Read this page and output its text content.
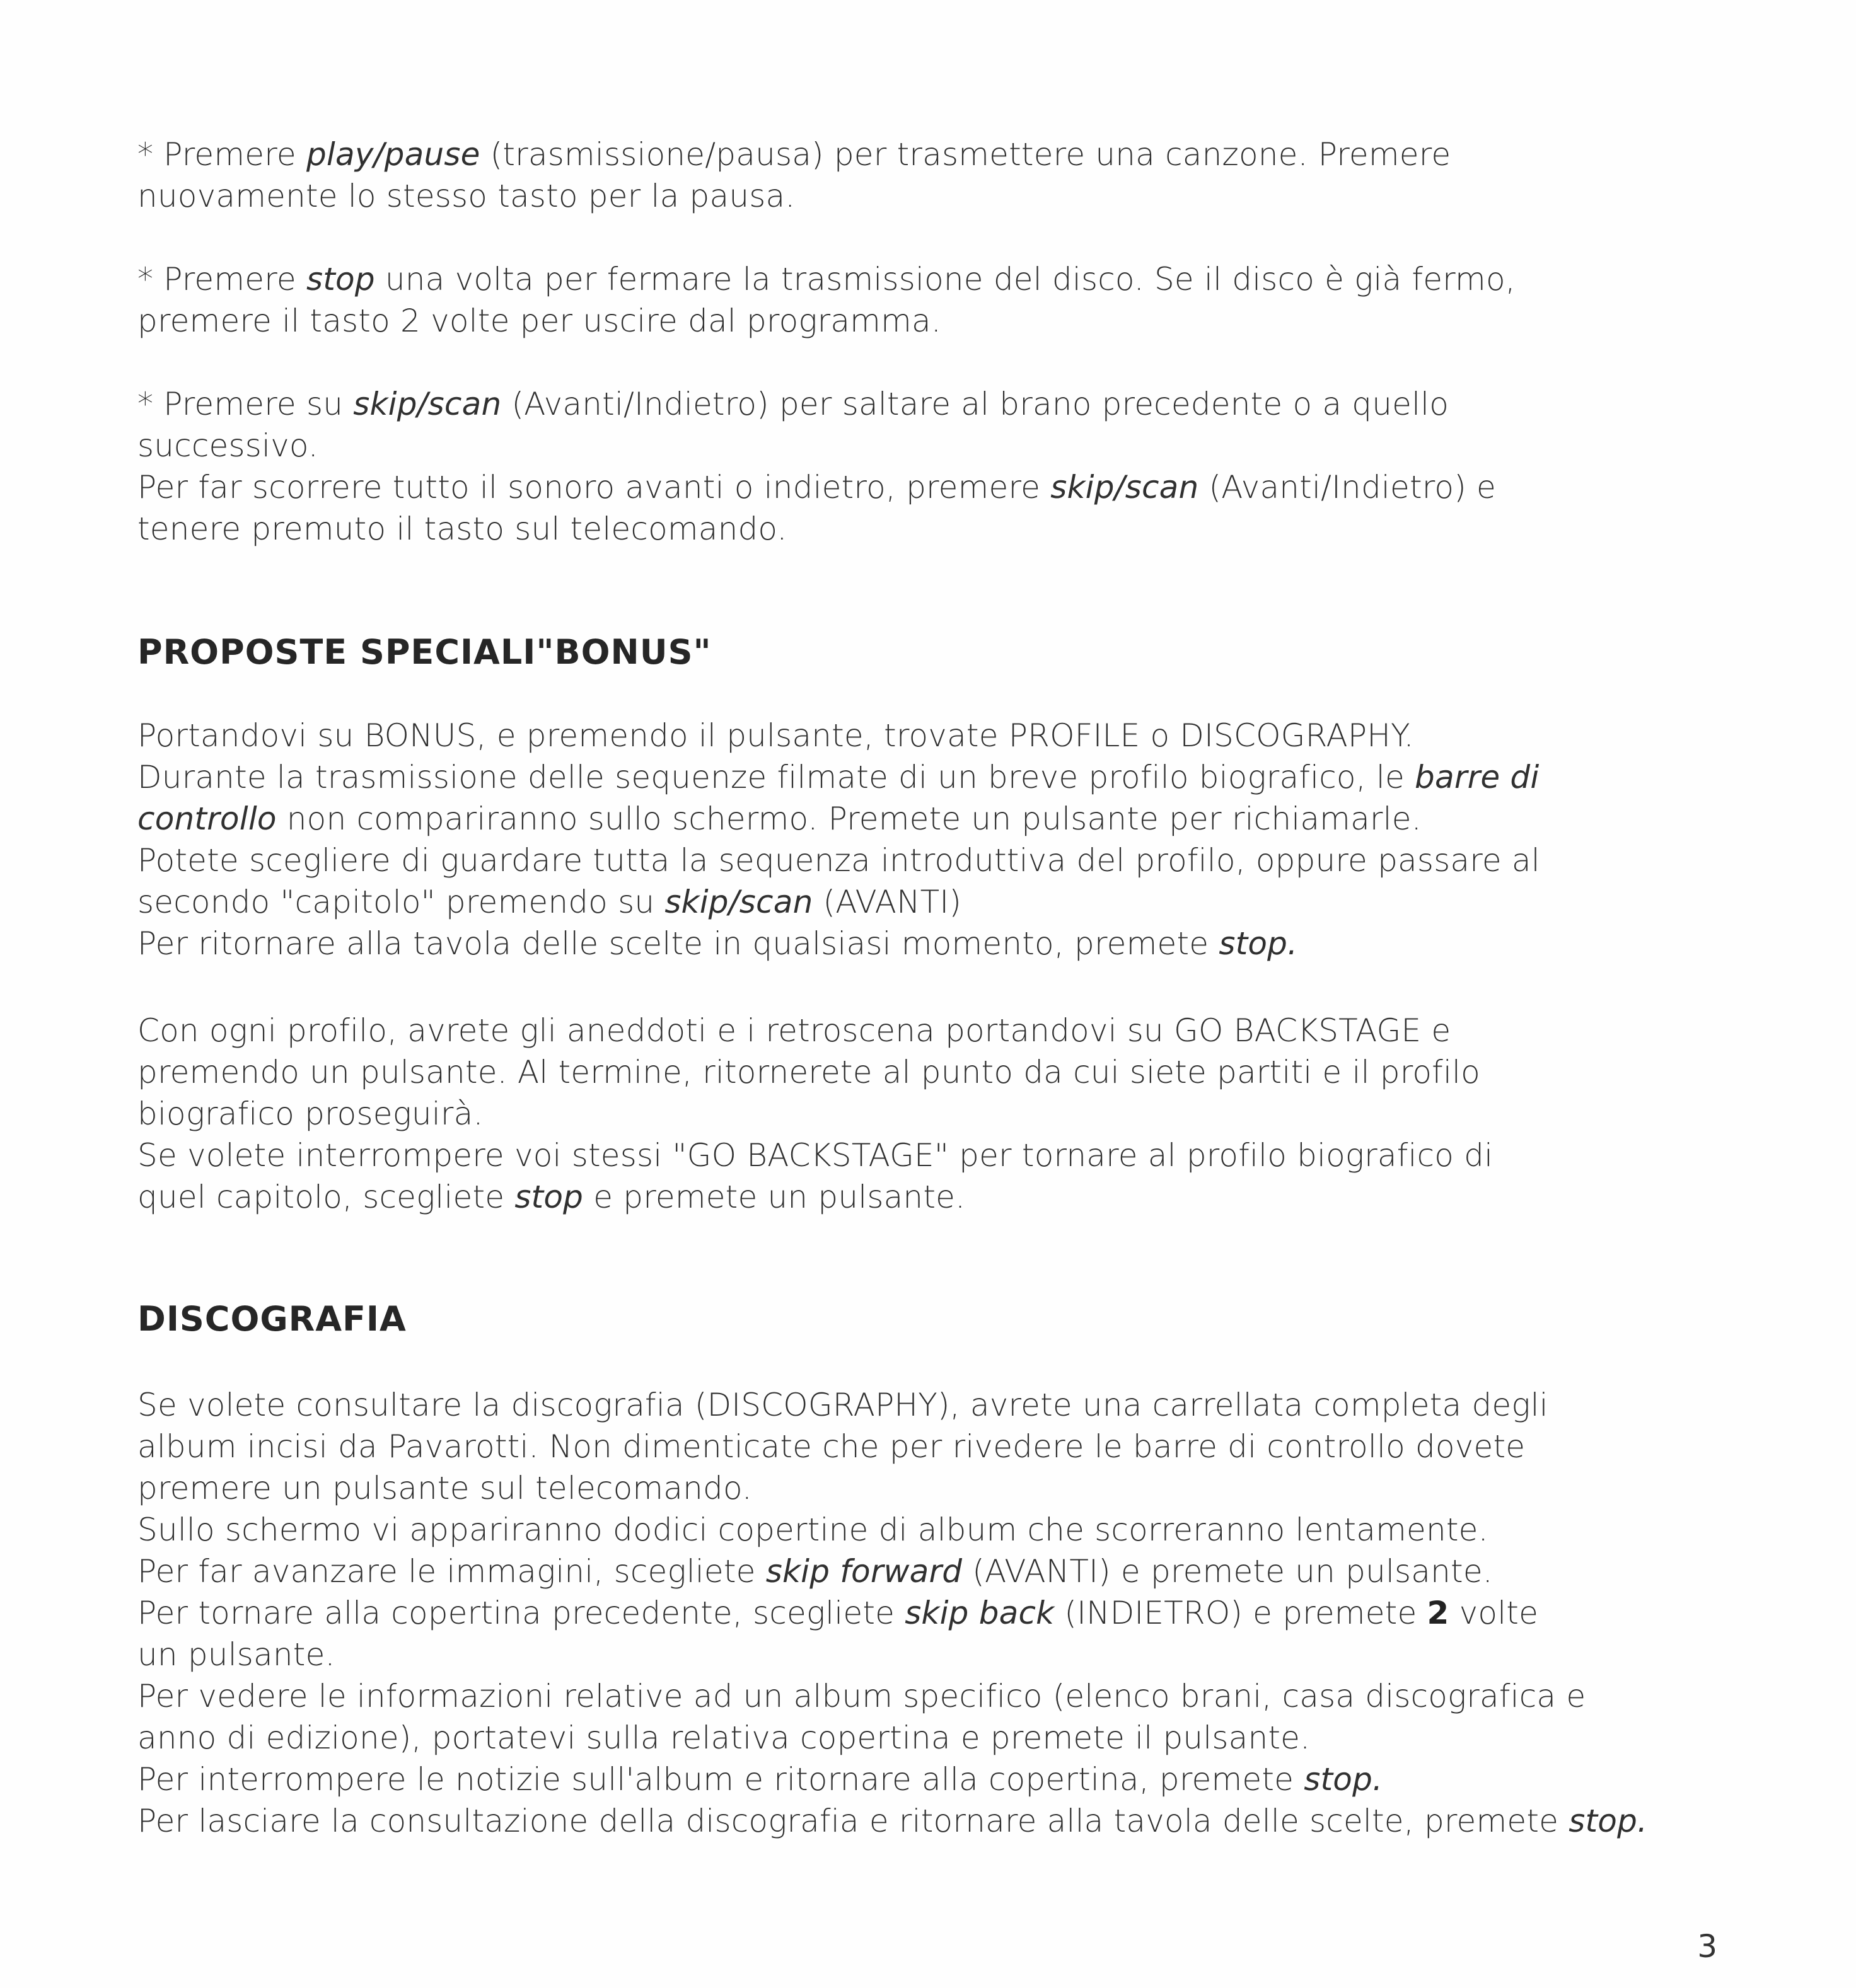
* Premere play/pause (trasmissione/pausa) per trasmettere una canzone. Premere
nuovamente lo stesso tasto per la pausa.
* Premere stop una volta per fermare la trasmissione del disco. Se il disco è già fermo,
premere il tasto 2 volte per uscire dal programma.
* Premere su skip/scan (Avanti/Indietro) per saltare al brano precedente o a quello
successivo.
Per far scorrere tutto il sonoro avanti o indietro, premere skip/scan (Avanti/Indietro) e
tenere premuto il tasto sul telecomando.
PROPOSTE SPECIALI"BONUS"
Portandovi su BONUS, e premendo il pulsante, trovate PROFILE o DISCOGRAPHY.
Durante la trasmissione delle sequenze filmate di un breve profilo biografico, le barre di
controllo non compariranno sullo schermo. Premete un pulsante per richiamarle.
Potete scegliere di guardare tutta la sequenza introduttiva del profilo, oppure passare al
secondo "capitolo" premendo su skip/scan (AVANTI)
Per ritornare alla tavola delle scelte in qualsiasi momento, premete stop.
Con ogni profilo, avrete gli aneddoti e i retroscena portandovi su GO BACKSTAGE e
premendo un pulsante. Al termine, ritornerete al punto da cui siete partiti e il profilo
biografico proseguirà.
Se volete interrompere voi stessi "GO BACKSTAGE" per tornare al profilo biografico di
quel capitolo, scegliete stop e premete un pulsante.
DISCOGRAFIA
Se volete consultare la discografia (DISCOGRAPHY), avrete una carrellata completa degli
album incisi da Pavarotti. Non dimenticate che per rivedere le barre di controllo dovete
premere un pulsante sul telecomando.
Sullo schermo vi appariranno dodici copertine di album che scorreranno lentamente.
Per far avanzare le immagini, scegliete skip forward (AVANTI) e premete un pulsante.
Per tornare alla copertina precedente, scegliete skip back (INDIETRO) e premete 2 volte
un pulsante.
Per vedere le informazioni relative ad un album specifico (elenco brani, casa discografica e
anno di edizione), portatevi sulla relativa copertina e premete il pulsante.
Per interrompere le notizie sull'album e ritornare alla copertina, premete stop.
Per lasciare la consultazione della discografia e ritornare alla tavola delle scelte, premete stop.
3
